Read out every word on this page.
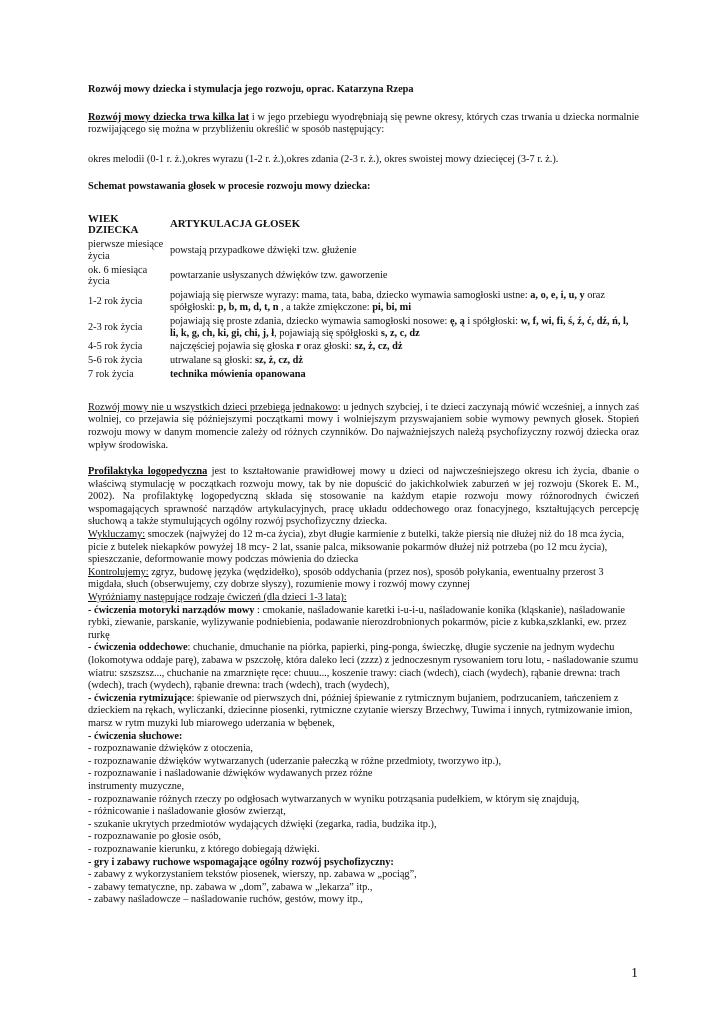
Rozwój mowy dziecka i stymulacja jego rozwoju, oprac. Katarzyna Rzepa

Rozwój mowy dziecka trwa kilka lat i w jego przebiegu wyodrębniają się pewne okresy, których czas trwania u dziecka normalnie rozwijającego się można w przybliżeniu określić w sposób następujący:

okres melodii (0-1 r. ż.),okres wyrazu (1-2 r. ż.),okres zdania (2-3 r. ż.), okres swoistej mowy dziecięcej (3-7 r. ż.).

Schemat powstawania głosek w procesie rozwoju mowy dziecka:

WIEK DZIECKA	ARTYKULACJA GŁOSEK
pierwsze miesiące życia	powstają przypadkowe dźwięki tzw. głużenie
ok. 6 miesiąca życia	powtarzanie usłyszanych dźwięków tzw. gaworzenie
1-2 rok życia	pojawiają się pierwsze wyrazy: mama, tata, baba, dziecko wymawia samogłoski ustne: a, o, e, i, u, y oraz spółgłoski: p, b, m, d, t, n , a także zmiękczone: pi, bi, mi
2-3 rok życia	pojawiają się proste zdania, dziecko wymawia samogłoski nosowe: ę, ą i spółgłoski: w, f, wi, fi, ś, ź, ć, dź, ń, l, li, k, g, ch, ki, gi, chi, j, ł, pojawiają się spółgłoski s, z, c, dz
4-5 rok życia	najczęściej pojawia się głoska r oraz głoski: sz, ż, cz, dż
5-6 rok życia	utrwalane są głoski: sz, ż, cz, dż
7 rok życia	technika mówienia opanowana

Rozwój mowy nie u wszystkich dzieci przebiega jednakowo: u jednych szybciej, i te dzieci zaczynają mówić wcześniej, a innych zaś wolniej, co przejawia się późniejszymi początkami mowy i wolniejszym przyswajaniem sobie wymowy pewnych głosek. Stopień rozwoju mowy w danym momencie zależy od różnych czynników. Do najważniejszych należą psychofizyczny rozwój dziecka oraz wpływ środowiska.

Profilaktyka logopedyczna jest to kształtowanie prawidłowej mowy u dzieci od najwcześniejszego okresu ich życia, dbanie o właściwą stymulację w początkach rozwoju mowy, tak by nie dopuścić do jakichkolwiek zaburzeń w jej rozwoju (Skorek E. M., 2002). Na profilaktykę logopedyczną składa się stosowanie na każdym etapie rozwoju mowy różnorodnych ćwiczeń wspomagających sprawność narządów artykulacyjnych, pracę układu oddechowego oraz fonacyjnego, kształtujących percepcję słuchową a także stymulujących ogólny rozwój psychofizyczny dziecka.

Wykluczamy: smoczek (najwyżej do 12 m-ca życia), zbyt długie karmienie z butelki, także piersią nie dłużej niż do 18 mca życia, picie z butelek niekapków powyżej 18 mcy- 2 lat, ssanie palca, miksowanie pokarmów dłużej niż potrzeba (po 12 mcu życia), spieszczanie, deformowanie mowy podczas mówienia do dziecka

Kontrolujemy: zgryz, budowę języka (wędzidełko), sposób oddychania (przez nos), sposób połykania, ewentualny przerost 3 migdała, słuch (obserwujemy, czy dobrze słyszy), rozumienie mowy i rozwój mowy czynnej

Wyróżniamy następujące rodzaje ćwiczeń (dla dzieci 1-3 lata):

- ćwiczenia motoryki narządów mowy : cmokanie, naśladowanie karetki i-u-i-u, naśladowanie konika (kląskanie), naśladowanie rybki, ziewanie, parskanie, wylizywanie podniebienia, podawanie nierozdrobnionych pokarmów, picie z kubka,szklanki, ew. przez rurkę

- ćwiczenia oddechowe: chuchanie, dmuchanie na piórka, papierki, ping-ponga, świeczkę, długie syczenie na jednym wydechu (lokomotywa oddaje parę), zabawa w pszczołę, która daleko leci (zzzz) z jednoczesnym rysowaniem toru lotu, - naśladowanie szumu wiatru: szszszsz..., chuchanie na zmarznięte ręce: chuuu..., koszenie trawy: ciach (wdech), ciach (wydech), rąbanie drewna: trach (wdech), trach (wydech), rąbanie drewna: trach (wdech), trach (wydech),

- ćwiczenia rytmizujące: śpiewanie od pierwszych dni, później śpiewanie z rytmicznym bujaniem, podrzucaniem, tańczeniem z dzieckiem na rękach, wyliczanki, dziecinne piosenki, rytmiczne czytanie wierszy Brzechwy, Tuwima i innych, rytmizowanie imion, marsz w rytm muzyki lub miarowego uderzania w bębenek,

- ćwiczenia słuchowe:
- rozpoznawanie dźwięków z otoczenia,
- rozpoznawanie dźwięków wytwarzanych (uderzanie pałeczką w różne przedmioty, tworzywo itp.),
- rozpoznawanie i naśladowanie dźwięków wydawanych przez różne
instrumenty muzyczne,
- rozpoznawanie różnych rzeczy po odgłosach wytwarzanych w wyniku potrząsania pudełkiem, w którym się znajdują,
- różnicowanie i naśladowanie głosów zwierząt,
- szukanie ukrytych przedmiotów wydających dźwięki (zegarka, radia, budzika itp.),
- rozpoznawanie po głosie osób,
- rozpoznawanie kierunku, z którego dobiegają dźwięki.
- gry i zabawy ruchowe wspomagające ogólny rozwój psychofizyczny:
- zabawy z wykorzystaniem tekstów piosenek, wierszy, np. zabawa w „pociąg”,
- zabawy tematyczne, np. zabawa w „dom”, zabawa w „lekarza” itp.,
- zabawy naśladowcze – naśladowanie ruchów, gestów, mowy itp.,
1
